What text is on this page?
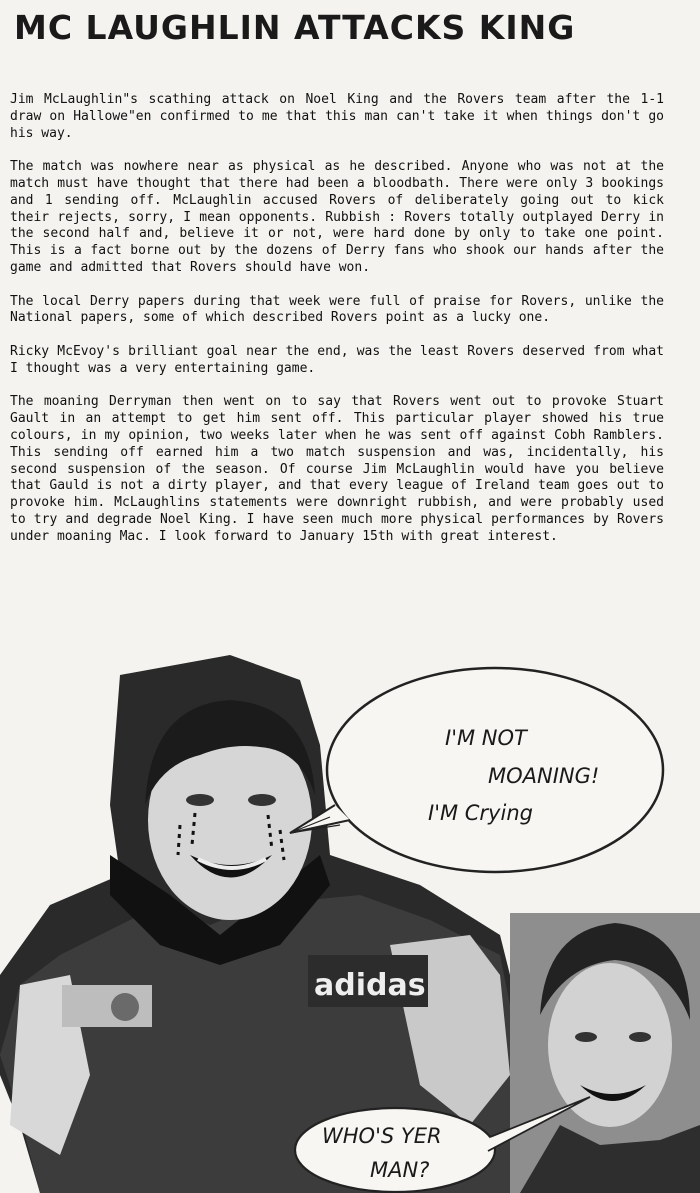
MC LAUGHLIN ATTACKS KING

Jim McLaughlin"s scathing attack on Noel King and the Rovers team after the 1-1 draw on Hallowe"en confirmed to me that this man can't take it when things don't go his way.

The match was nowhere near as physical as he described. Anyone who was not at the match must have thought that there had been a bloodbath. There were only 3 bookings and 1 sending off. McLaughlin accused Rovers of deliberately going out to kick their rejects, sorry, I mean opponents. Rubbish : Rovers totally outplayed Derry in the second half and, believe it or not, were hard done by only to take one point. This is a fact borne out by the dozens of Derry fans who shook our hands after the game and admitted that Rovers should have won.

The local Derry papers during that week were full of praise for Rovers, unlike the National papers, some of which described Rovers point as a lucky one.

Ricky McEvoy's brilliant goal near the end, was the least Rovers deserved from what I thought was a very entertaining game.

The moaning Derryman then went on to say that Rovers went out to provoke Stuart Gault in an attempt to get him sent off. This particular player showed his true colours, in my opinion, two weeks later when he was sent off against Cobh Ramblers. This sending off earned him a two match suspension and was, incidentally, his second suspension of the season. Of course Jim McLaughlin would have you believe that Gauld is not a dirty player, and that every league of Ireland team goes out to provoke him. McLaughlins statements were downright rubbish, and were probably used to try and degrade Noel King. I have seen much more physical performances by Rovers under moaning Mac. I look forward to January 15th with great interest.

adidas
I'M NOT
MOANING!
I'M Crying
WHO'S YER
MAN?
